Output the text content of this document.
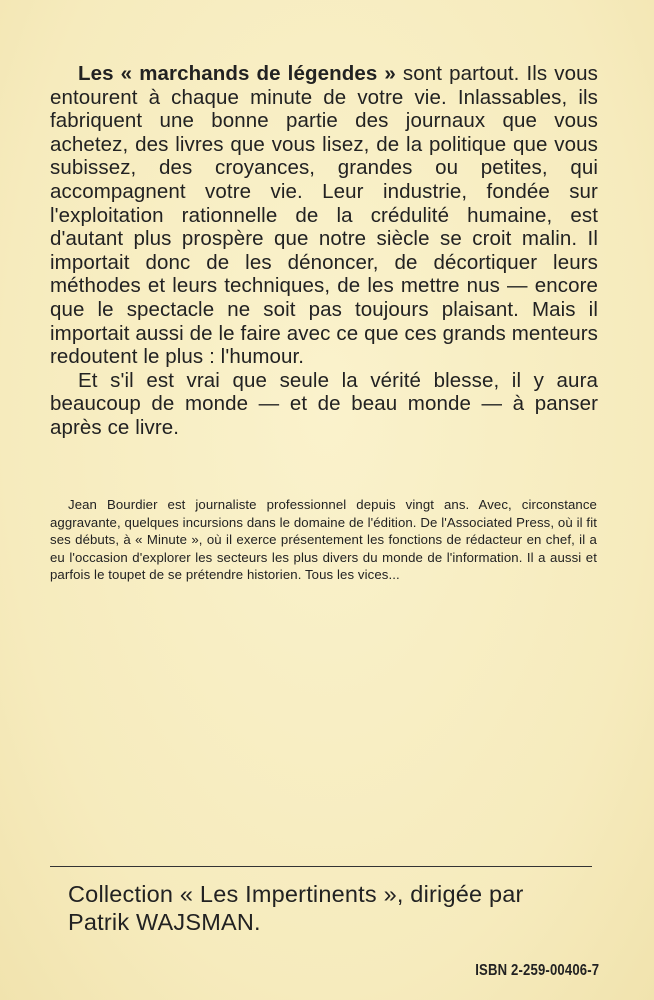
Les « marchands de légendes » sont partout. Ils vous entourent à chaque minute de votre vie. Inlassables, ils fabriquent une bonne partie des journaux que vous achetez, des livres que vous lisez, de la politique que vous subissez, des croyances, grandes ou petites, qui accompagnent votre vie. Leur industrie, fondée sur l'exploitation rationnelle de la crédulité humaine, est d'autant plus prospère que notre siècle se croit malin. Il importait donc de les dénoncer, de décortiquer leurs méthodes et leurs techniques, de les mettre nus — encore que le spectacle ne soit pas toujours plaisant. Mais il importait aussi de le faire avec ce que ces grands menteurs redoutent le plus : l'humour.

Et s'il est vrai que seule la vérité blesse, il y aura beaucoup de monde — et de beau monde — à panser après ce livre.

Jean Bourdier est journaliste professionnel depuis vingt ans. Avec, circonstance aggravante, quelques incursions dans le domaine de l'édition. De l'Associated Press, où il fit ses débuts, à « Minute », où il exerce présentement les fonctions de rédacteur en chef, il a eu l'occasion d'explorer les secteurs les plus divers du monde de l'information. Il a aussi et parfois le toupet de se prétendre historien. Tous les vices...
Collection « Les Impertinents », dirigée par
Patrik WAJSMAN.
ISBN 2-259-00406-7
